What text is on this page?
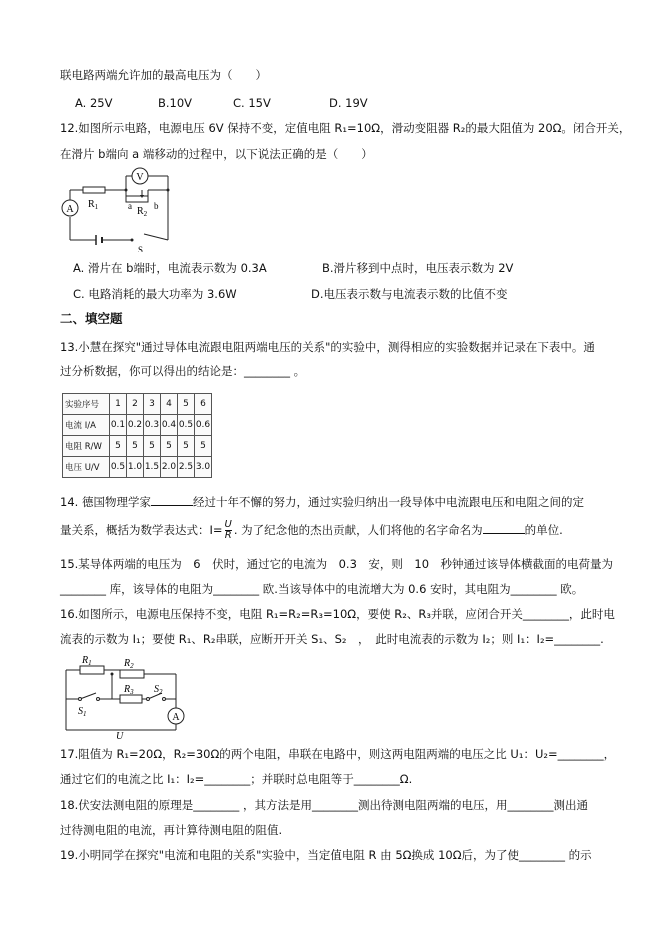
联电路两端允许加的最高电压为（　　）
A. 25V	B.10V	C. 15V	D. 19V
12.如图所示电路，电源电压 6V 保持不变，定值电阻 R₁=10Ω，滑动变阻器 R₂的最大阻值为 20Ω。闭合开关，
在滑片 b端向 a 端移动的过程中，以下说法正确的是（　　）
A
V
$R_1$	$R_2$
a b
S
A. 滑片在 b端时，电流表示数为 0.3A	B.滑片移到中点时，电压表示数为 2V
C. 电路消耗的最大功率为 3.6W	D.电压表示数与电流表示数的比值不变
二、填空题
13.小慧在探究"通过导体电流跟电阻两端电压的关系"的实验中，测得相应的实验数据并记录在下表中。通
过分析数据，你可以得出的结论是：________ 。
实验序号	1	2	3	4	5	6
电流 I/A	0.1	0.2	0.3	0.4	0.5	0.6
电阻 R/W	5	5	5	5	5	5
电压 U/V	0.5	1.0	1.5	2.0	2.5	3.0
14. 德国物理学家	经过十年不懈的努力，通过实验归纳出一段导体中电流跟电压和电阻之间的定
量关系，概括为数学表达式：$I= \frac{U}{R}$ . 为了纪念他的杰出贡献，人们将他的名字命名为	的单位.
15.某导体两端的电压为　6　伏时，通过它的电流为　0.3　安，则　10　秒钟通过该导体横截面的电荷量为
________ 库，该导体的电阻为________ 欧.当该导体中的电流增大为 0.6 安时，其电阻为________ 欧。
16.如图所示，电源电压保持不变，电阻 R₁=R₂=R₃=10Ω，要使 R₂、R₃并联，应闭合开关________，此时电
流表的示数为 I₁；要使 R₁、R₂串联，应断开开关 S₁、S₂　，　此时电流表的示数为 I₂；则 I₁：I₂=________.
$R_1$	$R_2$
$R_3$ $S_2$
$S_1$	A
U
17.阻值为 R₁=20Ω，R₂=30Ω的两个电阻，串联在电路中，则这两电阻两端的电压之比 U₁：U₂=________，
通过它们的电流之比 I₁：I₂=________；并联时总电阻等于________Ω.
18.伏安法测电阻的原理是________ ，其方法是用________测出待测电阻两端的电压，用________测出通
过待测电阻的电流，再计算待测电阻的阻值.
19.小明同学在探究"电流和电阻的关系"实验中，当定值电阻 R 由 5Ω换成 10Ω后，为了使________ 的示
